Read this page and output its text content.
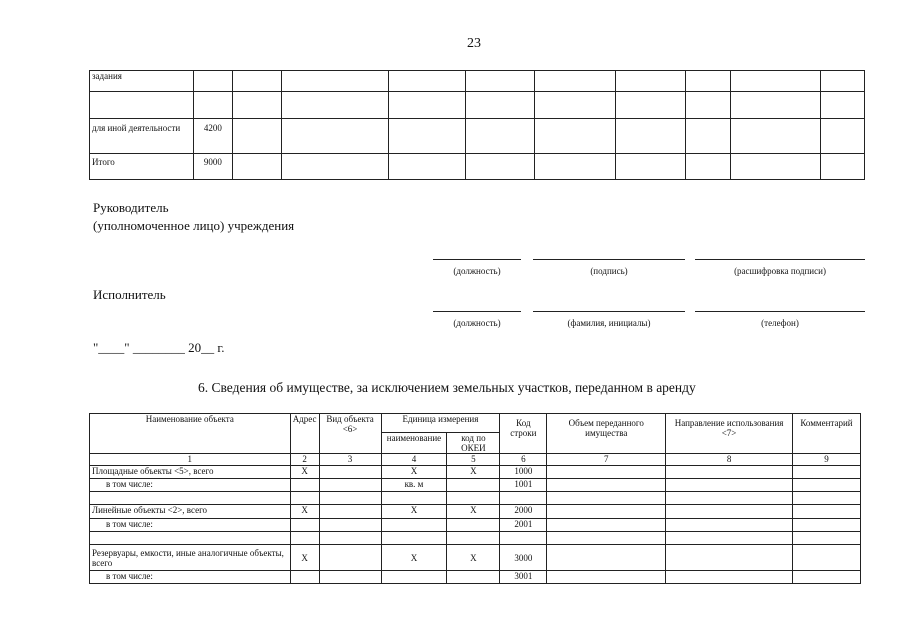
23
задания										

для иной деятельности	4200									
Итого	9000									
Руководитель
(уполномоченное лицо) учреждения
(должность)	(подпись)	(расшифровка подписи)
Исполнитель
(должность)	(фамилия, инициалы)	(телефон)
"____" ________ 20__ г.
6. Сведения об имуществе, за исключением земельных участков, переданном в аренду
Наименование объекта	Адрес	Вид объекта <6>	Единица измерения		Код строки	Объем переданного имущества	Направление использования <7>	Комментарий
			наименование	код по ОКЕИ				
1	2	3	4	5	6	7	8	9
Площадные объекты <5>, всего	Х		Х	Х	1000			
в том числе:			кв. м		1001			

Линейные объекты <2>, всего	Х		Х	Х	2000			
в том числе:					2001			

Резервуары, емкости, иные аналогичные объекты, всего	Х		Х	Х	3000			
в том числе:					3001			
